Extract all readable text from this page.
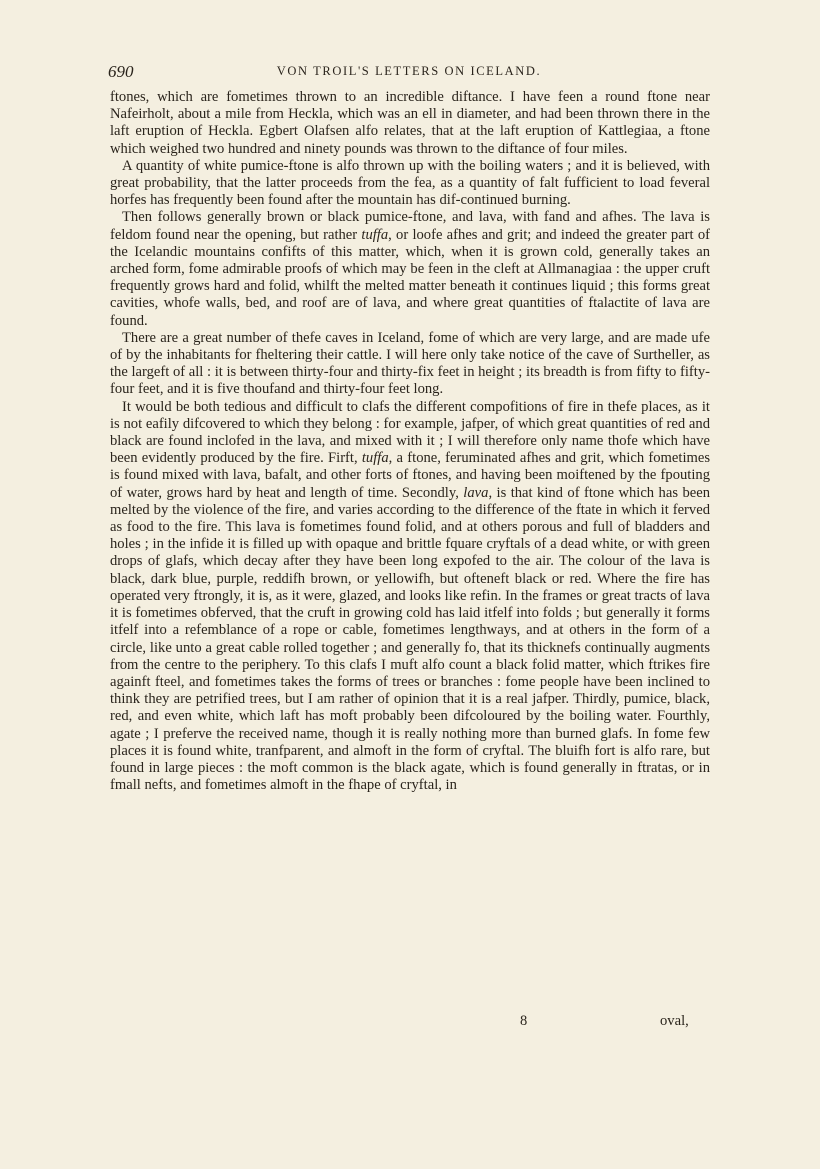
690	VON TROIL'S LETTERS ON ICELAND.

ftones, which are fometimes thrown to an incredible diftance. I have feen a round ftone near Nafeirholt, about a mile from Heckla, which was an ell in diameter, and had been thrown there in the laft eruption of Heckla. Egbert Olafsen alfo relates, that at the laft eruption of Kattlegiaa, a ftone which weighed two hundred and ninety pounds was thrown to the diftance of four miles.

A quantity of white pumice-ftone is alfo thrown up with the boiling waters ; and it is believed, with great probability, that the latter proceeds from the fea, as a quantity of falt fufficient to load feveral horfes has frequently been found after the mountain has dif-continued burning.

Then follows generally brown or black pumice-ftone, and lava, with fand and afhes. The lava is feldom found near the opening, but rather tuffa, or loofe afhes and grit; and indeed the greater part of the Icelandic mountains confifts of this matter, which, when it is grown cold, generally takes an arched form, fome admirable proofs of which may be feen in the cleft at Allmanagiaa : the upper cruft frequently grows hard and folid, whilft the melted matter beneath it continues liquid ; this forms great cavities, whofe walls, bed, and roof are of lava, and where great quantities of ftalactite of lava are found.

There are a great number of thefe caves in Iceland, fome of which are very large, and are made ufe of by the inhabitants for fheltering their cattle. I will here only take notice of the cave of Surtheller, as the largeft of all : it is between thirty-four and thirty-fix feet in height ; its breadth is from fifty to fifty-four feet, and it is five thoufand and thirty-four feet long.

It would be both tedious and difficult to clafs the different compofitions of fire in thefe places, as it is not eafily difcovered to which they belong : for example, jafper, of which great quantities of red and black are found inclofed in the lava, and mixed with it ; I will therefore only name thofe which have been evidently produced by the fire. Firft, tuffa, a ftone, feruminated afhes and grit, which fometimes is found mixed with lava, bafalt, and other forts of ftones, and having been moiftened by the fpouting of water, grows hard by heat and length of time. Secondly, lava, is that kind of ftone which has been melted by the violence of the fire, and varies according to the difference of the ftate in which it ferved as food to the fire. This lava is fometimes found folid, and at others porous and full of bladders and holes ; in the infide it is filled up with opaque and brittle fquare cryftals of a dead white, or with green drops of glafs, which decay after they have been long expofed to the air. The colour of the lava is black, dark blue, purple, reddifh brown, or yellowifh, but ofteneft black or red. Where the fire has operated very ftrongly, it is, as it were, glazed, and looks like refin. In the frames or great tracts of lava it is fometimes obferved, that the cruft in growing cold has laid itfelf into folds ; but generally it forms itfelf into a refemblance of a rope or cable, fometimes lengthways, and at others in the form of a circle, like unto a great cable rolled together ; and generally fo, that its thicknefs continually augments from the centre to the periphery. To this clafs I muft alfo count a black folid matter, which ftrikes fire againft fteel, and fometimes takes the forms of trees or branches : fome people have been inclined to think they are petrified trees, but I am rather of opinion that it is a real jafper. Thirdly, pumice, black, red, and even white, which laft has moft probably been difcoloured by the boiling water. Fourthly, agate ; I preferve the received name, though it is really nothing more than burned glafs. In fome few places it is found white, tranfparent, and almoft in the form of cryftal. The bluifh fort is alfo rare, but found in large pieces : the moft common is the black agate, which is found generally in ftratas, or in fmall nefts, and fometimes almoft in the fhape of cryftal, in

8	oval,
